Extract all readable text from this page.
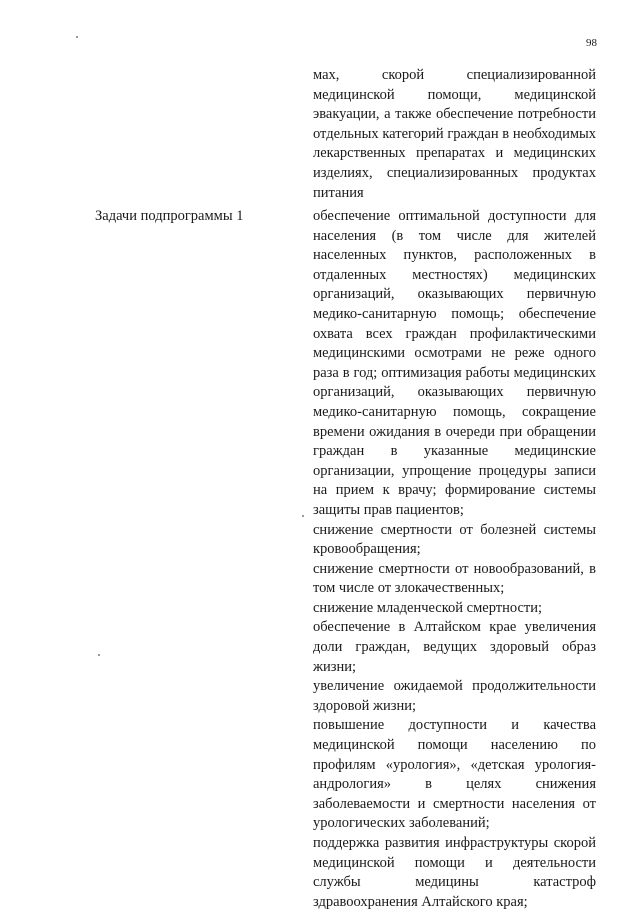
98

мах, скорой специализированной медицинской помощи, медицинской эвакуации, а также обеспечение потребности отдельных категорий граждан в необходимых лекарственных препаратах и медицинских изделиях, специализированных продуктах питания

Задачи подпрограммы 1	обеспечение оптимальной доступности для населения (в том числе для жителей населенных пунктов, расположенных в отдаленных местностях) медицинских организаций, оказывающих первичную медико-санитарную помощь; обеспечение охвата всех граждан профилактическими медицинскими осмотрами не реже одного раза в год; оптимизация работы медицинских организаций, оказывающих первичную медико-санитарную помощь, сокращение времени ожидания в очереди при обращении граждан в указанные медицинские организации, упрощение процедуры записи на прием к врачу; формирование системы защиты прав пациентов;

снижение смертности от болезней системы кровообращения;

снижение смертности от новообразований, в том числе от злокачественных;

снижение младенческой смертности;

обеспечение в Алтайском крае увеличения доли граждан, ведущих здоровый образ жизни;

увеличение ожидаемой продолжительности здоровой жизни;

повышение доступности и качества медицинской помощи населению по профилям «урология», «детская урология-андрология» в целях снижения заболеваемости и смертности населения от урологических заболеваний;

поддержка развития инфраструктуры скорой медицинской помощи и деятельности службы медицины катастроф здравоохранения Алтайского края;
